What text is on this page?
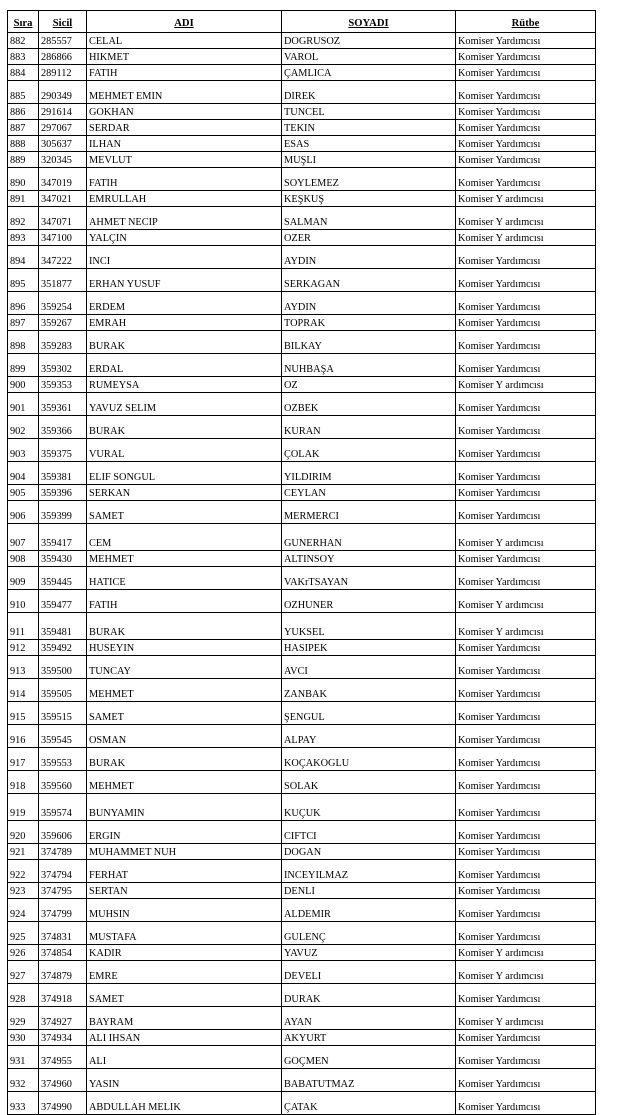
Sıra	Sicil	ADI	SOYADI	Rütbe
882	285557	CELAL	DOGRUSOZ	Komiser Yardımcısı
883	286866	HIKMET	VAROL	Komiser Yardımcısı
884	289112	FATIH	ÇAMLICA	Komiser Yardımcısı
885	290349	MEHMET EMIN	DIREK	Komiser Yardımcısı
886	291614	GOKHAN	TUNCEL	Komiser Yardımcısı
887	297067	SERDAR	TEKIN	Komiser Yardımcısı
888	305637	ILHAN	ESAS	Komiser Yardımcısı
889	320345	MEVLUT	MUŞLI	Komiser Yardımcısı
890	347019	FATIH	SOYLEMEZ	Komiser Yardımcısı
891	347021	EMRULLAH	KEŞKUŞ	Komiser Y ardımcısı
892	347071	AHMET NECIP	SALMAN	Komiser Y ardımcısı
893	347100	YALÇIN	OZER	Komiser Y ardımcısı
894	347222	INCI	AYDIN	Komiser Yardımcısı
895	351877	ERHAN YUSUF	SERKAGAN	Komiser Yardımcısı
896	359254	ERDEM	AYDIN	Komiser Yardımcısı
897	359267	EMRAH	TOPRAK	Komiser Yardımcısı
898	359283	BURAK	BILKAY	Komiser Yardımcısı
899	359302	ERDAL	NUHBAŞA	Komiser Yardımcısı
900	359353	RUMEYSA	OZ	Komiser Y ardımcısı
901	359361	YAVUZ SELIM	OZBEK	Komiser Yardımcısı
902	359366	BURAK	KURAN	Komiser Yardımcısı
903	359375	VURAL	ÇOLAK	Komiser Yardımcısı
904	359381	ELIF SONGUL	YILDIRIM	Komiser Yardımcısı
905	359396	SERKAN	CEYLAN	Komiser Yardımcısı
906	359399	SAMET	MERMERCI	Komiser Yardımcısı
907	359417	CEM	GUNERHAN	Komiser Y ardımcısı
908	359430	MEHMET	ALTINSOY	Komiser Yardımcısı
909	359445	HATICE	VAKrTSAYAN	Komiser Yardımcısı
910	359477	FATIH	OZHUNER	Komiser Y ardımcısı
911	359481	BURAK	YUKSEL	Komiser Y ardımcısı
912	359492	HUSEYIN	HASIPEK	Komiser Yardımcısı
913	359500	TUNCAY	AVCI	Komiser Yardımcısı
914	359505	MEHMET	ZANBAK	Komiser Yardımcısı
915	359515	SAMET	ŞENGUL	Komiser Yardımcısı
916	359545	OSMAN	ALPAY	Komiser Yardımcısı
917	359553	BURAK	KOÇAKOGLU	Komiser Yardımcısı
918	359560	MEHMET	SOLAK	Komiser Yardımcısı
919	359574	BUNYAMIN	KUÇUK	Komiser Yardımcısı
920	359606	ERGIN	CIFTCI	Komiser Yardımcısı
921	374789	MUHAMMET NUH	DOGAN	Komiser Yardımcısı
922	374794	FERHAT	INCEYILMAZ	Komiser Yardımcısı
923	374795	SERTAN	DENLI	Komiser Yardımcısı
924	374799	MUHSIN	ALDEMIR	Komiser Yardımcısı
925	374831	MUSTAFA	GULENÇ	Komiser Yardımcısı
926	374854	KADIR	YAVUZ	Komiser Y ardımcısı
927	374879	EMRE	DEVELI	Komiser Y ardımcısı
928	374918	SAMET	DURAK	Komiser Yardımcısı
929	374927	BAYRAM	AYAN	Komiser Y ardımcısı
930	374934	ALI IHSAN	AKYURT	Komiser Yardımcısı
931	374955	ALI	GOÇMEN	Komiser Yardımcısı
932	374960	YASIN	BABATUTMAZ	Komiser Yardımcısı
933	374990	ABDULLAH MELIK	ÇATAK	Komiser Yardımcısı
